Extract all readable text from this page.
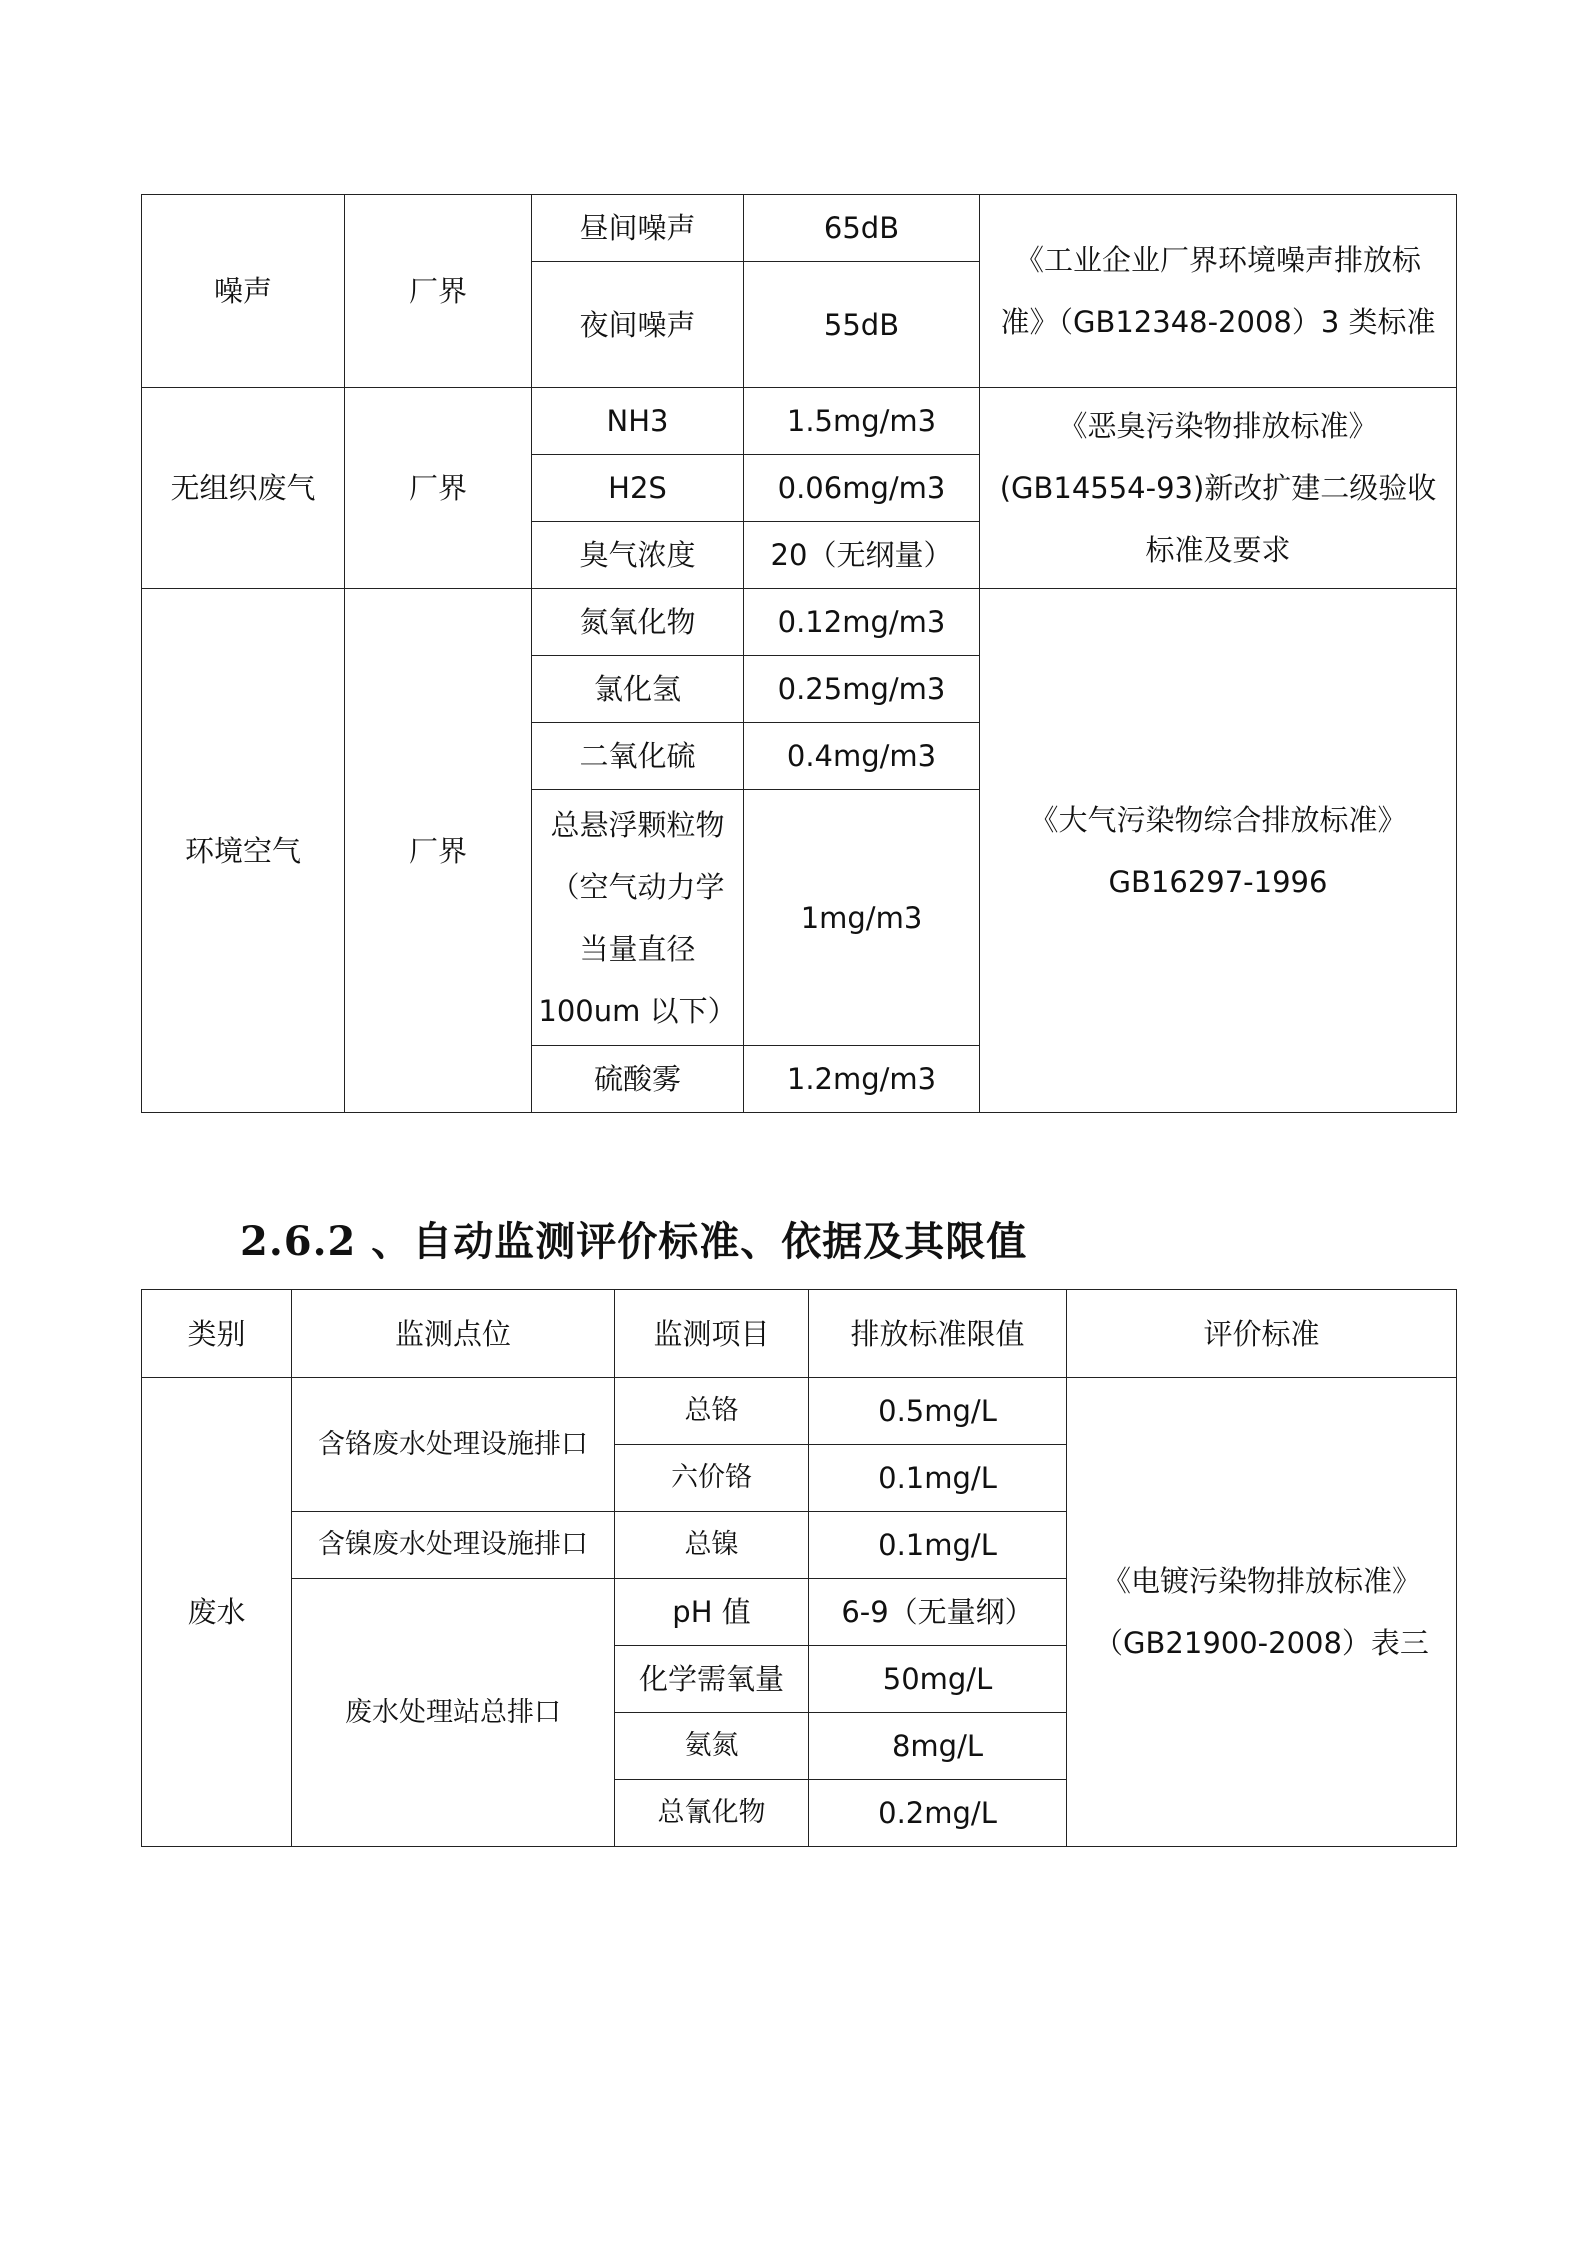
噪声	厂界	昼间噪声	65dB	《工业企业厂界环境噪声排放标准》（GB12348-2008）3 类标准
		夜间噪声	55dB	
无组织废气	厂界	NH3	1.5mg/m3	《恶臭污染物排放标准》(GB14554-93)新改扩建二级验收标准及要求
		H2S	0.06mg/m3	
		臭气浓度	20（无纲量）	
环境空气	厂界	氮氧化物	0.12mg/m3	《大气污染物综合排放标准》
GB16297-1996

		氯化氢	0.25mg/m3	
		二氧化硫	0.4mg/m3	
		总悬浮颗粒物（空气动力学当量直径100um 以下）	1mg/m3	
		硫酸雾	1.2mg/m3	
2.6.2 、自动监测评价标准、依据及其限值
类别	监测点位	监测项目	排放标准限值	评价标准
废水	含铬废水处理设施排口	总铬	0.5mg/L	《电镀污染物排放标准》
（GB21900-2008）表三

		六价铬	0.1mg/L	
	含镍废水处理设施排口	总镍	0.1mg/L	
	废水处理站总排口	pH 值	6-9（无量纲）	
		化学需氧量	50mg/L	
		氨氮	8mg/L	
		总氰化物	0.2mg/L	
